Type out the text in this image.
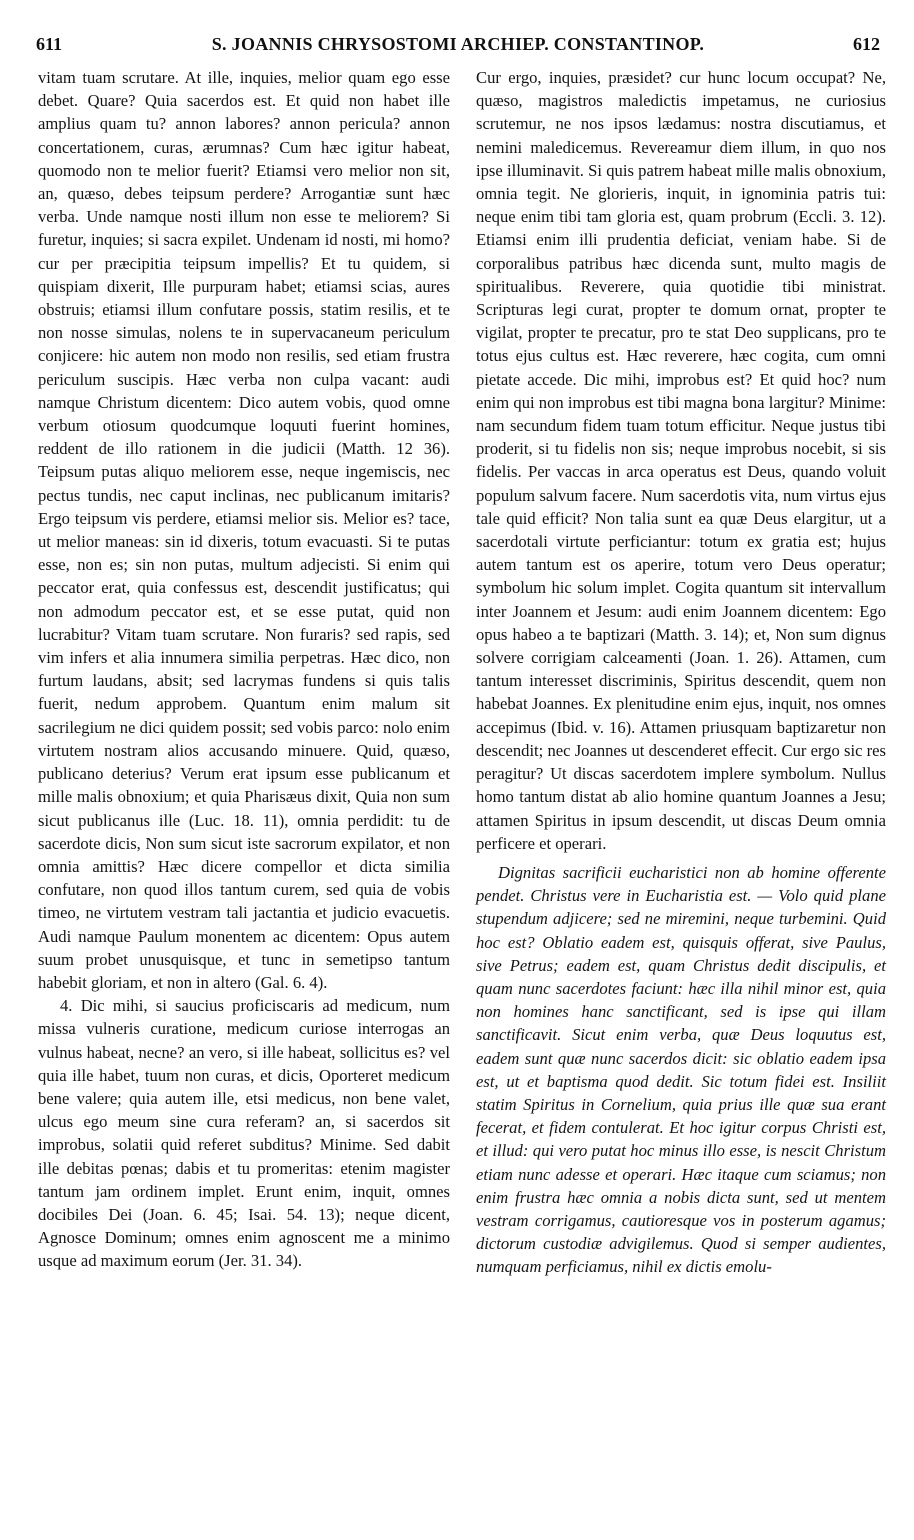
611	S. JOANNIS CHRYSOSTOMI ARCHIEP. CONSTANTINOP.	612

vitam tuam scrutare. At ille, inquies, melior quam ego esse debet. Quare? Quia sacerdos est. Et quid non habet ille amplius quam tu? annon labores? annon pericula? annon concertationem, curas, ærumnas? Cum hæc igitur habeat, quomodo non te melior fuerit? Etiamsi vero melior non sit, an, quæso, debes teipsum perdere? Arrogantiæ sunt hæc verba. Unde namque nosti illum non esse te meliorem? Si furetur, inquies; si sacra expilet. Undenam id nosti, mi homo? cur per præcipitia teipsum impellis? Et tu quidem, si quispiam dixerit, Ille purpuram habet; etiamsi scias, aures obstruis; etiamsi illum confutare possis, statim resilis, et te non nosse simulas, nolens te in supervacaneum periculum conjicere: hic autem non modo non resilis, sed etiam frustra periculum suscipis. Hæc verba non culpa vacant: audi namque Christum dicentem: Dico autem vobis, quod omne verbum otiosum quodcumque loquuti fuerint homines, reddent de illo rationem in die judicii (Matth. 12 36). Teipsum putas aliquo meliorem esse, neque ingemiscis, nec pectus tundis, nec caput inclinas, nec publicanum imitaris? Ergo teipsum vis perdere, etiamsi melior sis. Melior es? tace, ut melior maneas: sin id dixeris, totum evacuasti. Si te putas esse, non es; sin non putas, multum adjecisti. Si enim qui peccator erat, quia confessus est, descendit justificatus; qui non admodum peccator est, et se esse putat, quid non lucrabitur? Vitam tuam scrutare. Non furaris? sed rapis, sed vim infers et alia innumera similia perpetras. Hæc dico, non furtum laudans, absit; sed lacrymas fundens si quis talis fuerit, nedum approbem. Quantum enim malum sit sacrilegium ne dici quidem possit; sed vobis parco: nolo enim virtutem nostram alios accusando minuere. Quid, quæso, publicano deterius? Verum erat ipsum esse publicanum et mille malis obnoxium; et quia Pharisæus dixit, Quia non sum sicut publicanus ille (Luc. 18. 11), omnia perdidit: tu de sacerdote dicis, Non sum sicut iste sacrorum expilator, et non omnia amittis? Hæc dicere compellor et dicta similia confutare, non quod illos tantum curem, sed quia de vobis timeo, ne virtutem vestram tali jactantia et judicio evacuetis. Audi namque Paulum monentem ac dicentem: Opus autem suum probet unusquisque, et tunc in semetipso tantum habebit gloriam, et non in altero (Gal. 6. 4).

4. Dic mihi, si saucius proficiscaris ad medicum, num missa vulneris curatione, medicum curiose interrogas an vulnus habeat, necne? an vero, si ille habeat, sollicitus es? vel quia ille habet, tuum non curas, et dicis, Oporteret medicum bene valere; quia autem ille, etsi medicus, non bene valet, ulcus ego meum sine cura referam? an, si sacerdos sit improbus, solatii quid referet subditus? Minime. Sed dabit ille debitas pœnas; dabis et tu promeritas: etenim magister tantum jam ordinem implet. Erunt enim, inquit, omnes docibiles Dei (Joan. 6. 45; Isai. 54. 13); neque dicent, Agnosce Dominum; omnes enim agnoscent me a minimo usque ad maximum eorum (Jer. 31. 34).

Cur ergo, inquies, præsidet? cur hunc locum occupat? Ne, quæso, magistros maledictis impetamus, ne curiosius scrutemur, ne nos ipsos lædamus: nostra discutiamus, et nemini maledicemus. Revereamur diem illum, in quo nos ipse illuminavit. Si quis patrem habeat mille malis obnoxium, omnia tegit. Ne glorieris, inquit, in ignominia patris tui: neque enim tibi tam gloria est, quam probrum (Eccli. 3. 12). Etiamsi enim illi prudentia deficiat, veniam habe. Si de corporalibus patribus hæc dicenda sunt, multo magis de spiritualibus. Reverere, quia quotidie tibi ministrat. Scripturas legi curat, propter te domum ornat, propter te vigilat, propter te precatur, pro te stat Deo supplicans, pro te totus ejus cultus est. Hæc reverere, hæc cogita, cum omni pietate accede. Dic mihi, improbus est? Et quid hoc? num enim qui non improbus est tibi magna bona largitur? Minime: nam secundum fidem tuam totum efficitur. Neque justus tibi proderit, si tu fidelis non sis; neque improbus nocebit, si sis fidelis. Per vaccas in arca operatus est Deus, quando voluit populum salvum facere. Num sacerdotis vita, num virtus ejus tale quid efficit? Non talia sunt ea quæ Deus elargitur, ut a sacerdotali virtute perficiantur: totum ex gratia est; hujus autem tantum est os aperire, totum vero Deus operatur; symbolum hic solum implet. Cogita quantum sit intervallum inter Joannem et Jesum: audi enim Joannem dicentem: Ego opus habeo a te baptizari (Matth. 3. 14); et, Non sum dignus solvere corrigiam calceamenti (Joan. 1. 26). Attamen, cum tantum interesset discriminis, Spiritus descendit, quem non habebat Joannes. Ex plenitudine enim ejus, inquit, nos omnes accepimus (Ibid. v. 16). Attamen priusquam baptizaretur non descendit; nec Joannes ut descenderet effecit. Cur ergo sic res peragitur? Ut discas sacerdotem implere symbolum. Nullus homo tantum distat ab alio homine quantum Joannes a Jesu; attamen Spiritus in ipsum descendit, ut discas Deum omnia perficere et operari.

Dignitas sacrificii eucharistici non ab homine offerente pendet. Christus vere in Eucharistia est. — Volo quid plane stupendum adjicere; sed ne miremini, neque turbemini. Quid hoc est? Oblatio eadem est, quisquis offerat, sive Paulus, sive Petrus; eadem est, quam Christus dedit discipulis, et quam nunc sacerdotes faciunt: hæc illa nihil minor est, quia non homines hanc sanctificant, sed is ipse qui illam sanctificavit. Sicut enim verba, quæ Deus loquutus est, eadem sunt quæ nunc sacerdos dicit: sic oblatio eadem ipsa est, ut et baptisma quod dedit. Sic totum fidei est. Insiliit statim Spiritus in Cornelium, quia prius ille quæ sua erant fecerat, et fidem contulerat. Et hoc igitur corpus Christi est, et illud: qui vero putat hoc minus illo esse, is nescit Christum etiam nunc adesse et operari. Hæc itaque cum sciamus; non enim frustra hæc omnia a nobis dicta sunt, sed ut mentem vestram corrigamus, cautioresque vos in posterum agamus; dictorum custodiæ advigilemus. Quod si semper audientes, numquam perficiamus, nihil ex dictis emolu-
